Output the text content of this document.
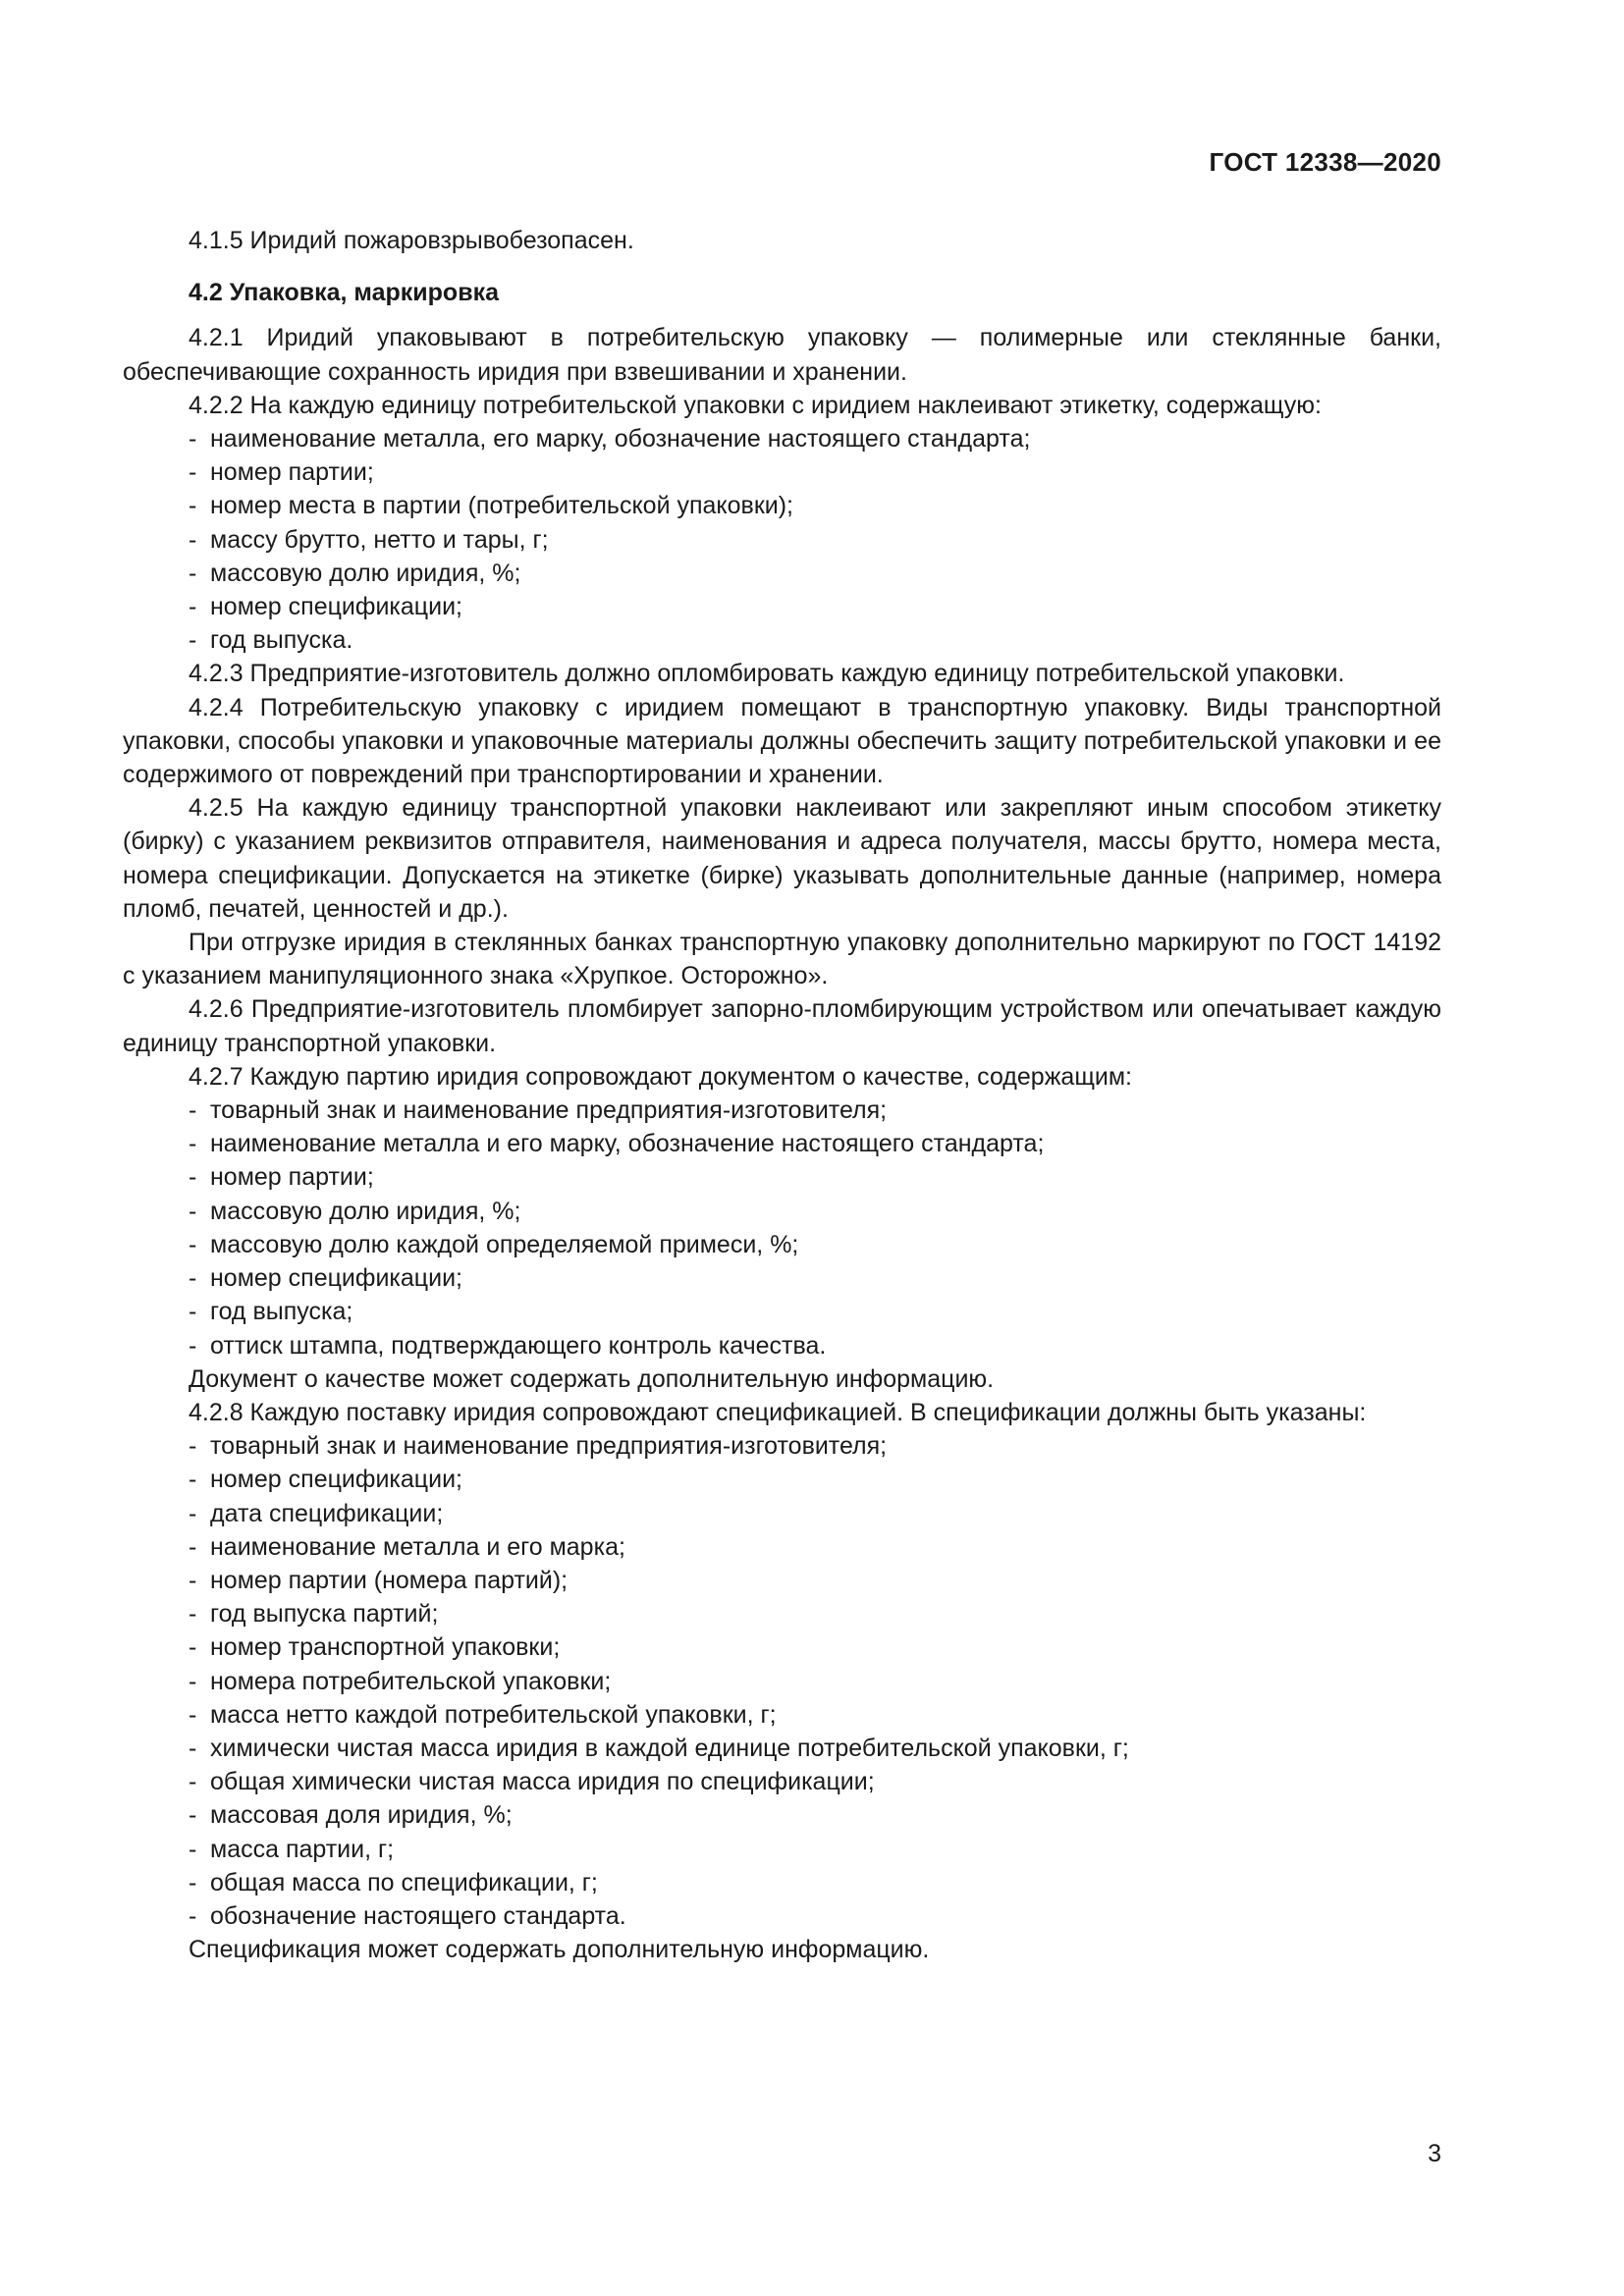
ГОСТ 12338—2020

4.1.5 Иридий пожаровзрывобезопасен.

4.2 Упаковка, маркировка

4.2.1 Иридий упаковывают в потребительскую упаковку — полимерные или стеклянные банки, обеспечивающие сохранность иридия при взвешивании и хранении.

4.2.2 На каждую единицу потребительской упаковки с иридием наклеивают этикетку, содержащую:

- наименование металла, его марку, обозначение настоящего стандарта;
- номер партии;
- номер места в партии (потребительской упаковки);
- массу брутто, нетто и тары, г;
- массовую долю иридия, %;
- номер спецификации;
- год выпуска.

4.2.3 Предприятие-изготовитель должно опломбировать каждую единицу потребительской упаковки.

4.2.4 Потребительскую упаковку с иридием помещают в транспортную упаковку. Виды транспортной упаковки, способы упаковки и упаковочные материалы должны обеспечить защиту потребительской упаковки и ее содержимого от повреждений при транспортировании и хранении.

4.2.5 На каждую единицу транспортной упаковки наклеивают или закрепляют иным способом этикетку (бирку) с указанием реквизитов отправителя, наименования и адреса получателя, массы брутто, номера места, номера спецификации. Допускается на этикетке (бирке) указывать дополнительные данные (например, номера пломб, печатей, ценностей и др.).

При отгрузке иридия в стеклянных банках транспортную упаковку дополнительно маркируют по ГОСТ 14192 с указанием манипуляционного знака «Хрупкое. Осторожно».

4.2.6 Предприятие-изготовитель пломбирует запорно-пломбирующим устройством или опечатывает каждую единицу транспортной упаковки.

4.2.7 Каждую партию иридия сопровождают документом о качестве, содержащим:

- товарный знак и наименование предприятия-изготовителя;
- наименование металла и его марку, обозначение настоящего стандарта;
- номер партии;
- массовую долю иридия, %;
- массовую долю каждой определяемой примеси, %;
- номер спецификации;
- год выпуска;
- оттиск штампа, подтверждающего контроль качества.

Документ о качестве может содержать дополнительную информацию.

4.2.8 Каждую поставку иридия сопровождают спецификацией. В спецификации должны быть указаны:

- товарный знак и наименование предприятия-изготовителя;
- номер спецификации;
- дата спецификации;
- наименование металла и его марка;
- номер партии (номера партий);
- год выпуска партий;
- номер транспортной упаковки;
- номера потребительской упаковки;
- масса нетто каждой потребительской упаковки, г;
- химически чистая масса иридия в каждой единице потребительской упаковки, г;
- общая химически чистая масса иридия по спецификации;
- массовая доля иридия, %;
- масса партии, г;
- общая масса по спецификации, г;
- обозначение настоящего стандарта.

Спецификация может содержать дополнительную информацию.

3
